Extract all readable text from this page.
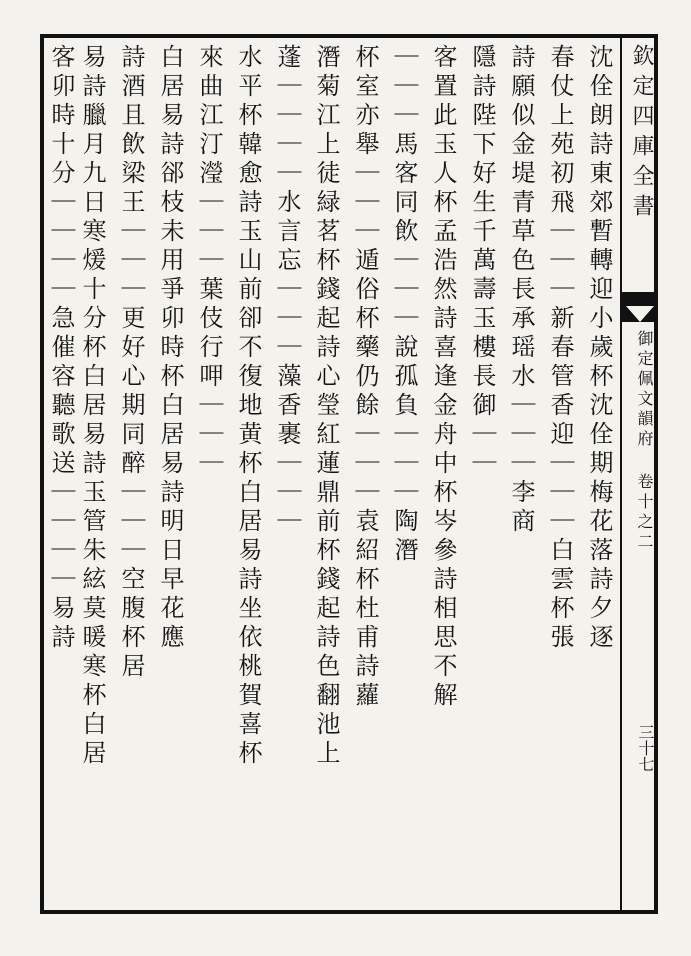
欽定四庫全書
御定佩文韻府 卷十之二
三十七
沈佺朗詩東郊暫轉迎小歲杯沈佺期梅花落詩夕逐
春仗上苑初飛｜｜｜新春管香迎｜｜｜白雲杯張
詩願似金堤青草色長承瑶水｜｜｜李商
隱詩陛下好生千萬壽玉樓長御｜｜
客置此玉人杯孟浩然詩喜逢金舟中杯岑參詩相思不解
｜｜｜馬客同飲｜｜｜說孤負｜｜｜陶潛
杯室亦舉｜｜｜遁俗杯藥仍餘｜｜｜袁紹杯杜甫詩蘿
潛菊江上徒緑茗杯錢起詩心瑩紅蓮鼎前杯錢起詩色翻池上
蓬｜｜｜｜水言忘｜｜｜藻香裹｜｜｜
水平杯韓愈詩玉山前卻不復地黄杯白居易詩坐依桃賀喜杯
來曲江汀瀅｜｜｜葉伎行呷｜｜｜
白居易詩郤枝未用爭卯時杯白居易詩明日早花應
詩酒且飲梁王｜｜｜更好心期同醉｜｜｜空腹杯居
易詩臘月九日寒煖十分杯白居易詩玉管朱絃莫暖寒杯白居
客卯時十分｜｜｜｜急催容聽歌送｜｜｜｜易詩
